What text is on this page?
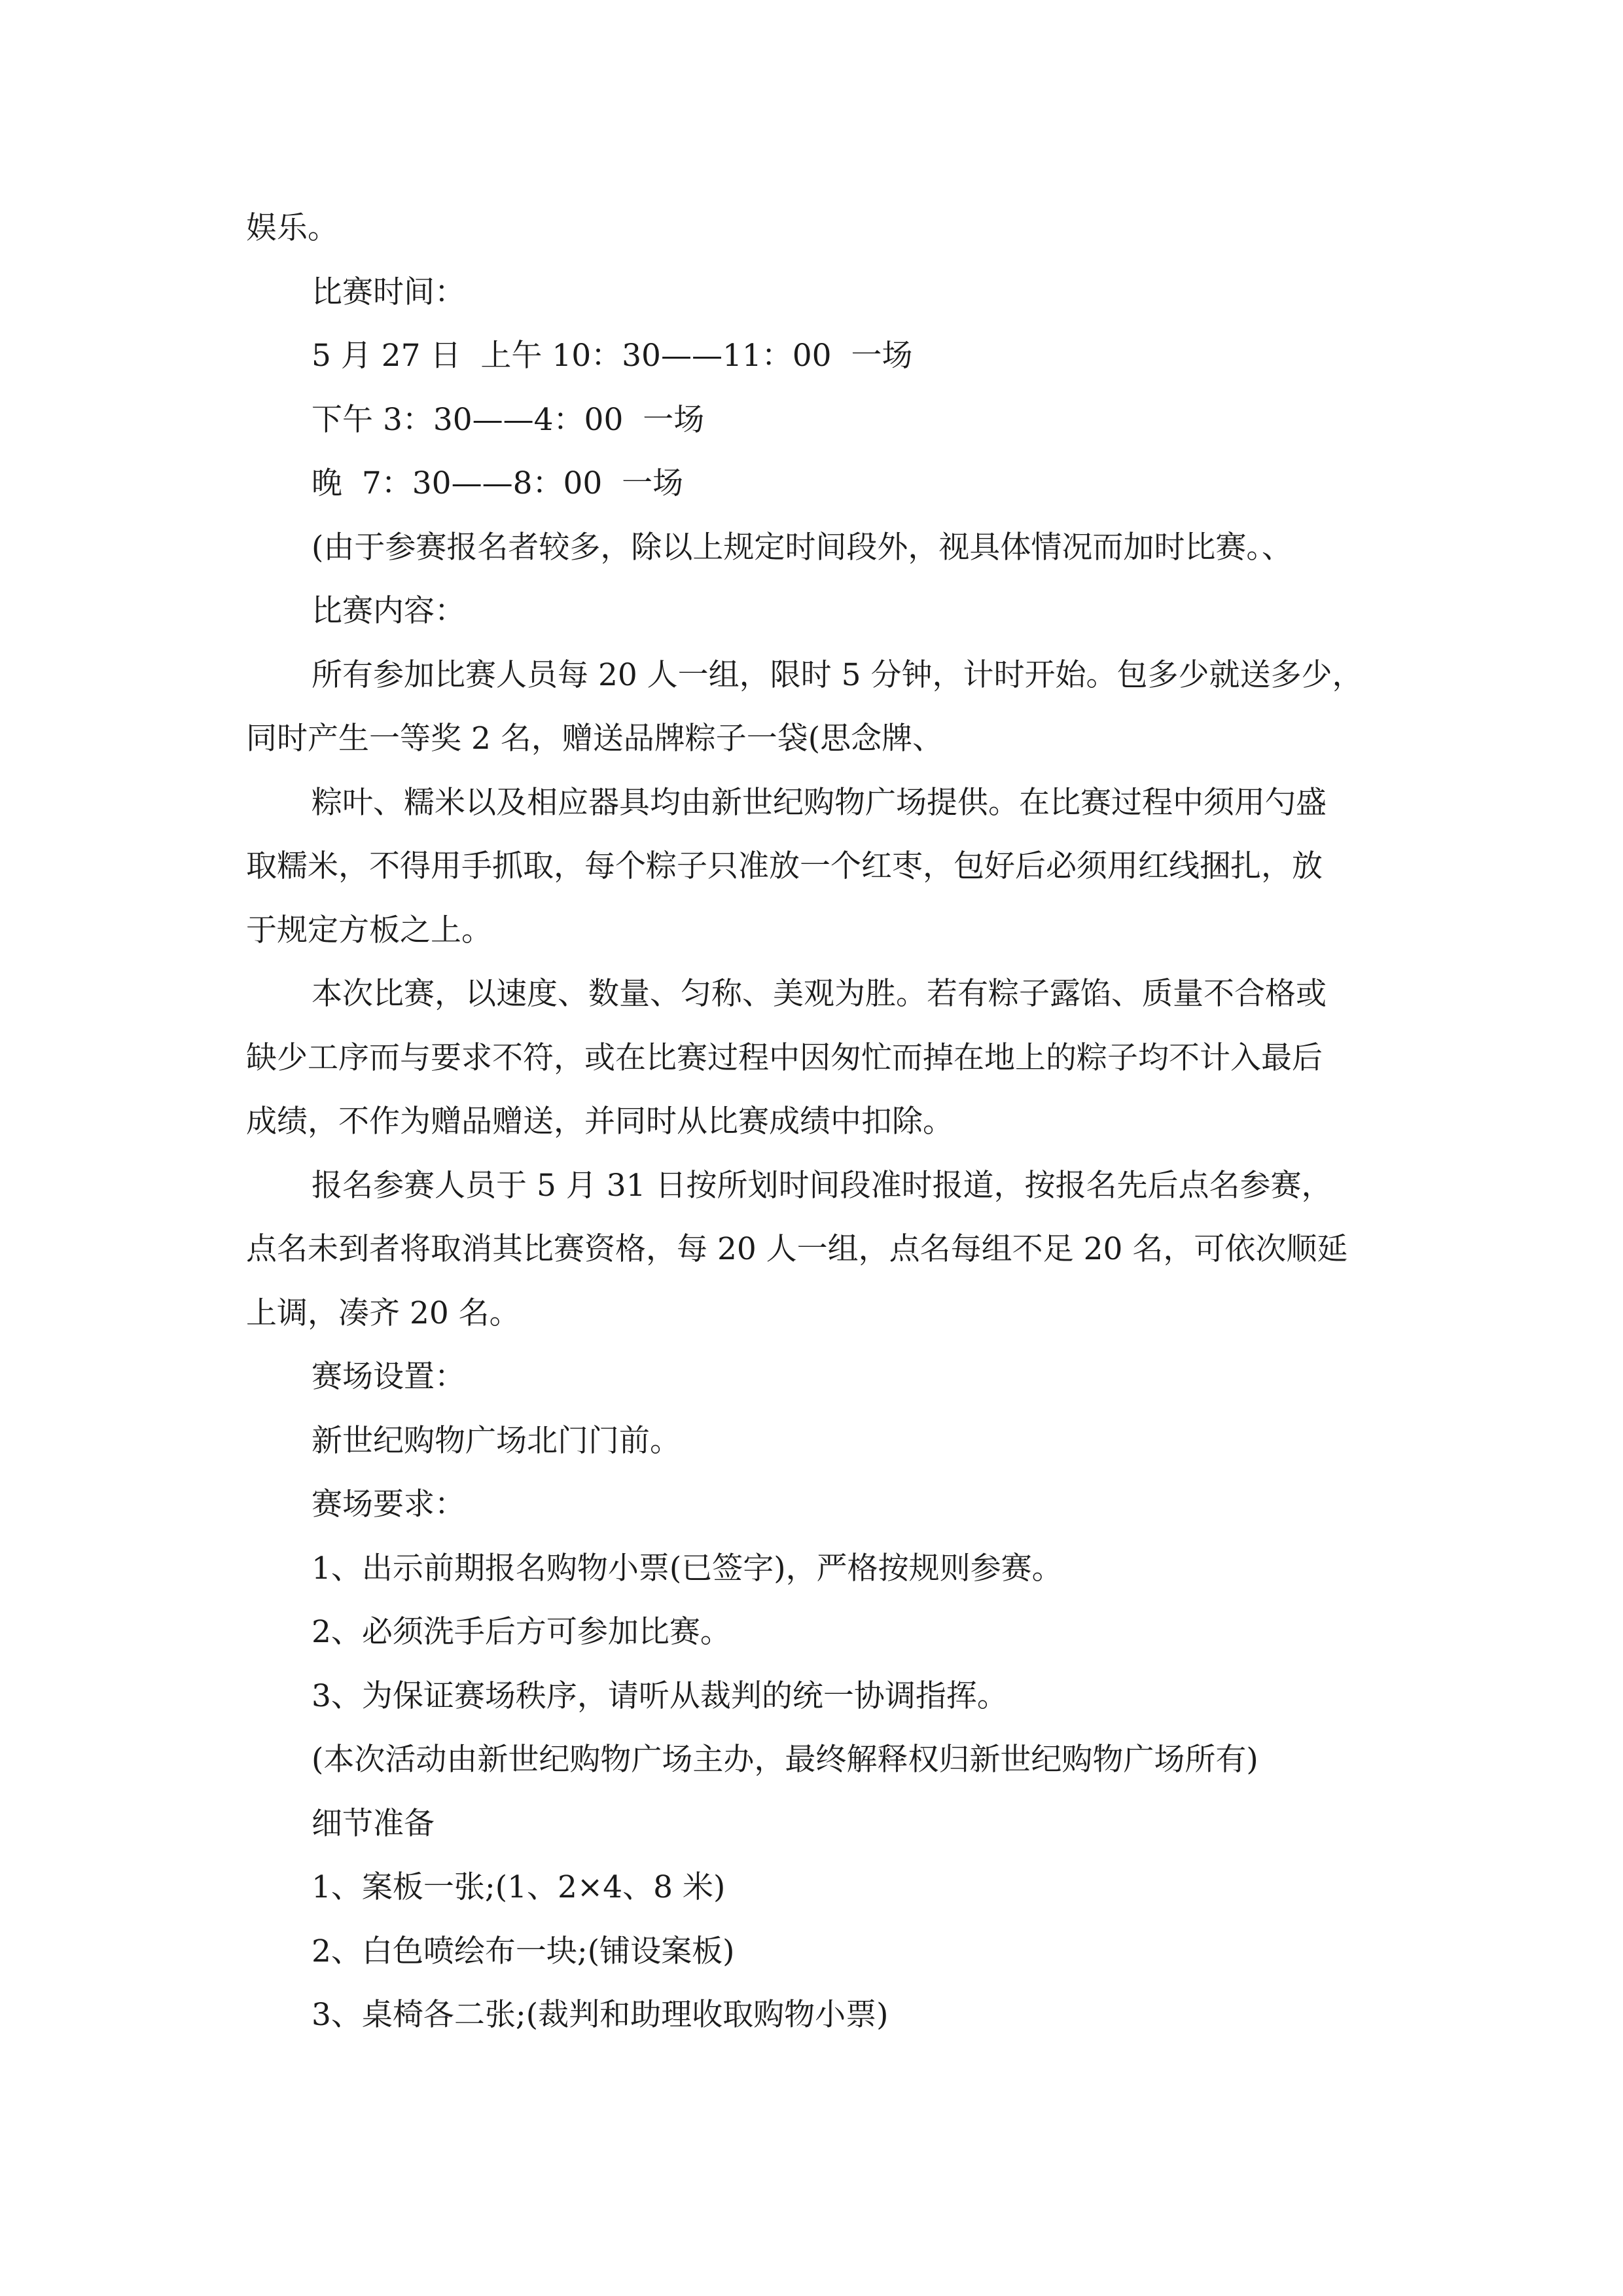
娱乐。
比赛时间：
5 月 27 日  上午 10：30——11：00  一场
下午 3：30——4：00  一场
晚  7：30——8：00  一场
(由于参赛报名者较多，除以上规定时间段外，视具体情况而加时比赛。、
比赛内容：
所有参加比赛人员每 20 人一组，限时 5 分钟，计时开始。包多少就送多少，
同时产生一等奖 2 名，赠送品牌粽子一袋(思念牌、
粽叶、糯米以及相应器具均由新世纪购物广场提供。在比赛过程中须用勺盛
取糯米，不得用手抓取，每个粽子只准放一个红枣，包好后必须用红线捆扎，放
于规定方板之上。
本次比赛，以速度、数量、匀称、美观为胜。若有粽子露馅、质量不合格或
缺少工序而与要求不符，或在比赛过程中因匆忙而掉在地上的粽子均不计入最后
成绩，不作为赠品赠送，并同时从比赛成绩中扣除。
报名参赛人员于 5 月 31 日按所划时间段准时报道，按报名先后点名参赛，
点名未到者将取消其比赛资格，每 20 人一组，点名每组不足 20 名，可依次顺延
上调，凑齐 20 名。
赛场设置：
新世纪购物广场北门门前。
赛场要求：
1、出示前期报名购物小票(已签字)，严格按规则参赛。
2、必须洗手后方可参加比赛。
3、为保证赛场秩序，请听从裁判的统一协调指挥。
(本次活动由新世纪购物广场主办，最终解释权归新世纪购物广场所有)
细节准备
1、案板一张;(1、2×4、8 米)
2、白色喷绘布一块;(铺设案板)
3、桌椅各二张;(裁判和助理收取购物小票)
